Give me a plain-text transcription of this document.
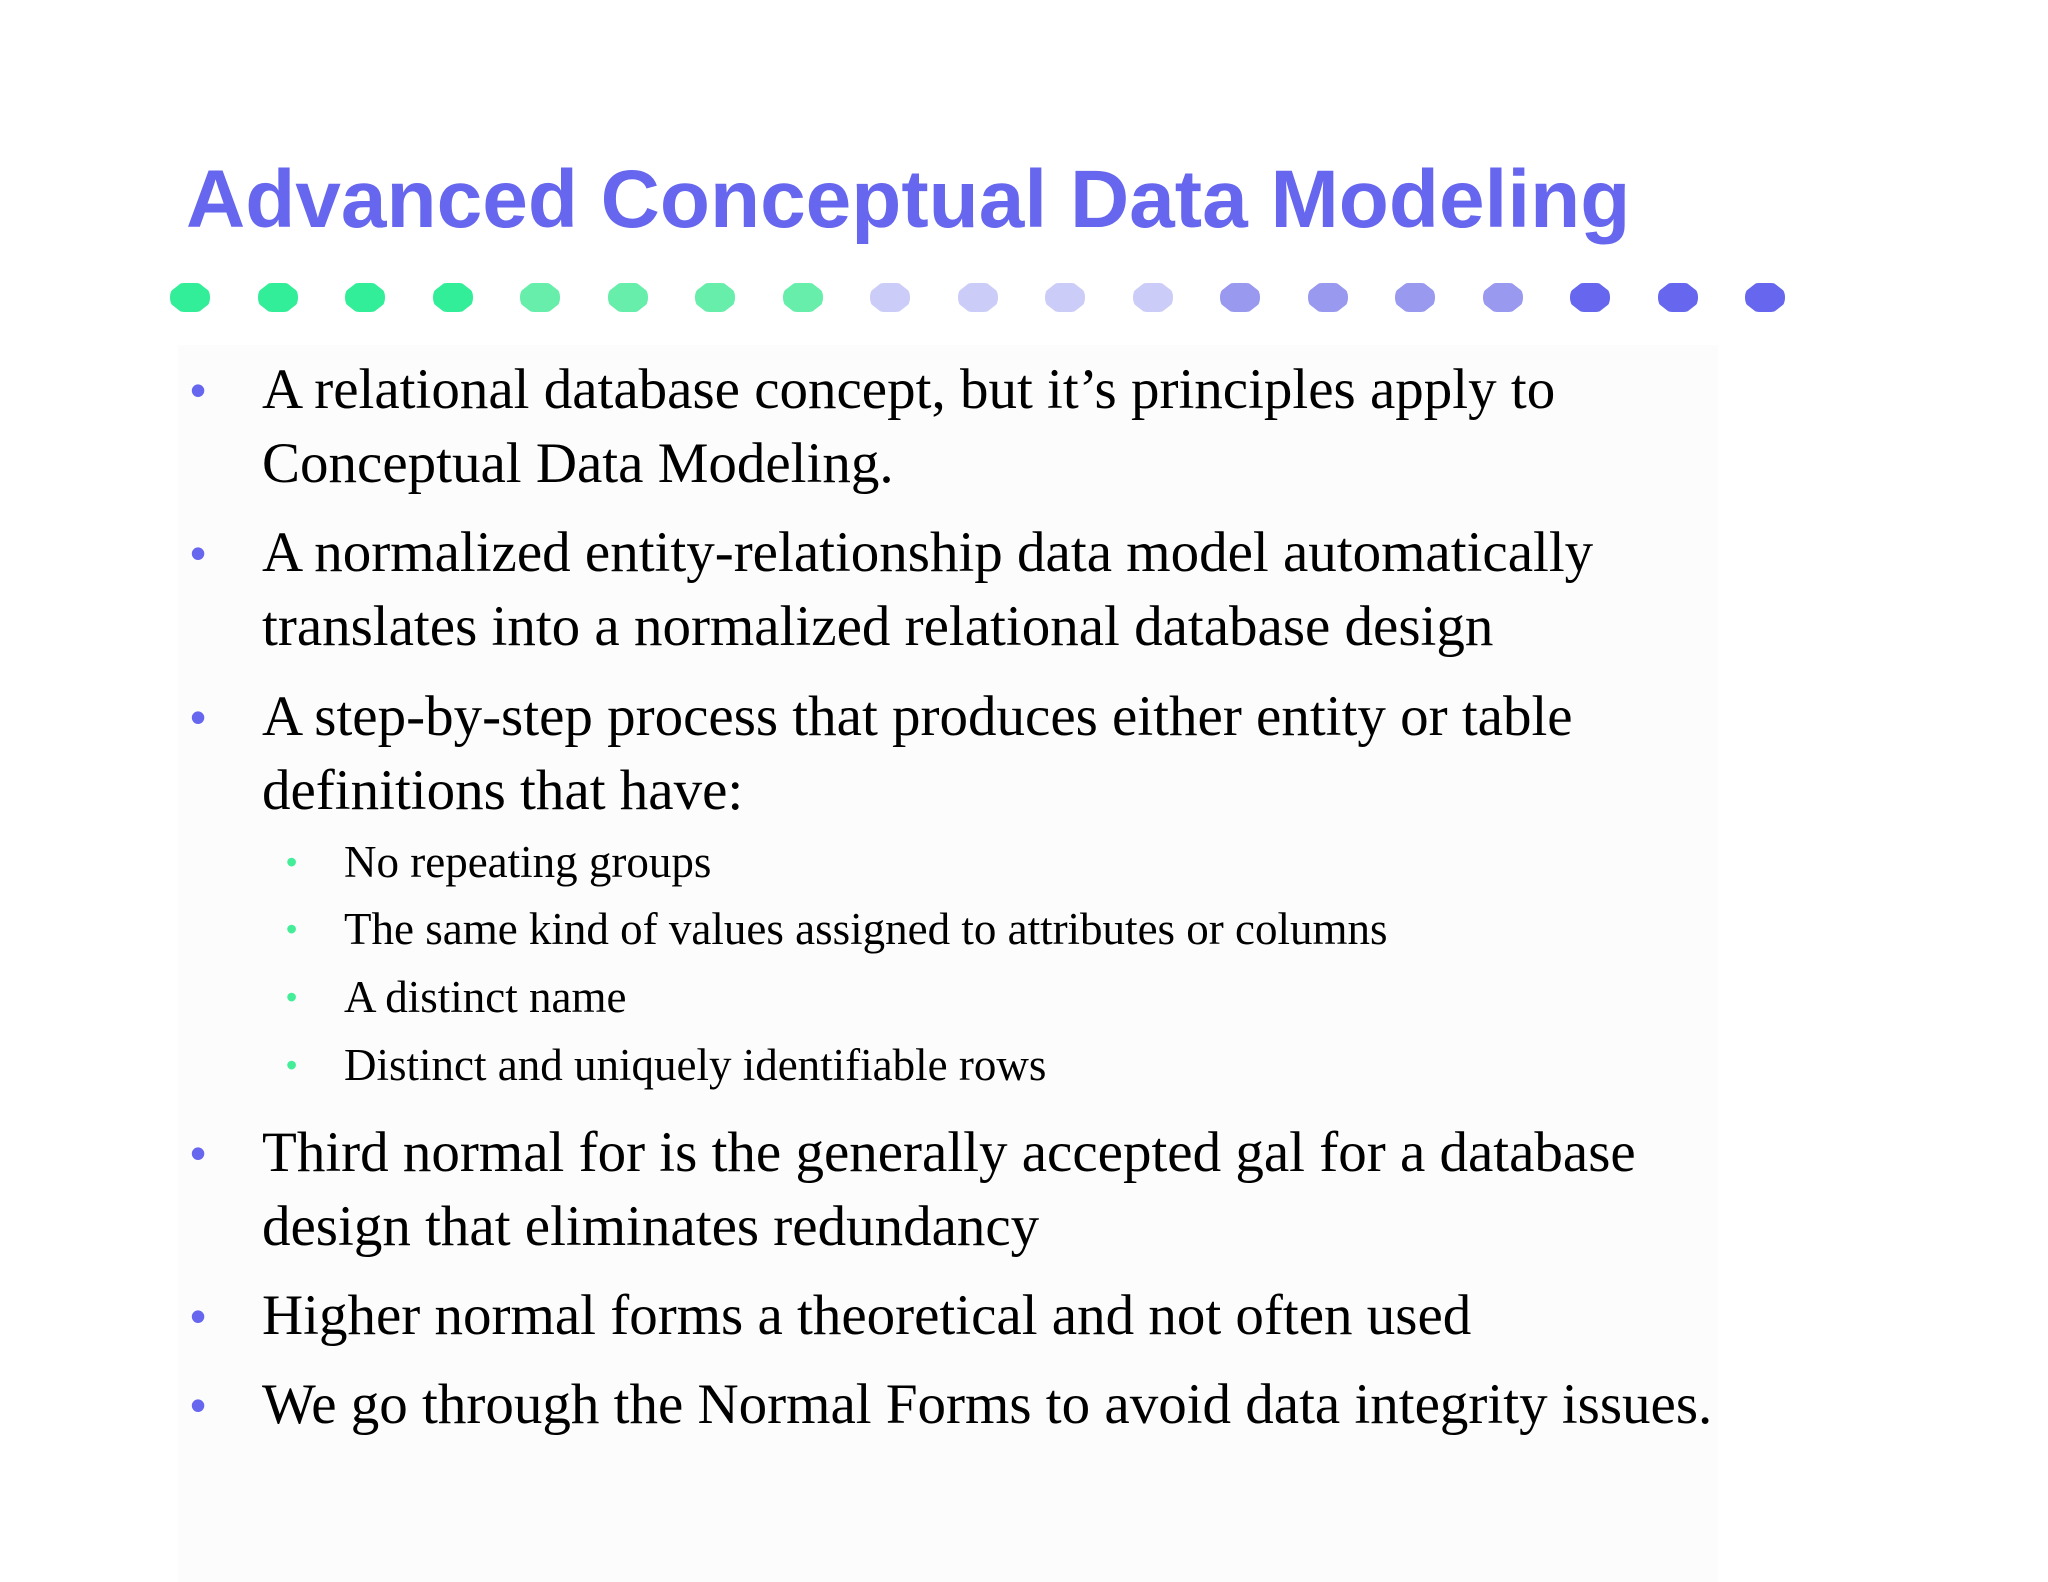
Advanced Conceptual Data Modeling
• A relational database concept, but it’s principles apply to Conceptual Data Modeling.
• A normalized entity-relationship data model automatically translates into a normalized relational database design
• A step-by-step process that produces either entity or table definitions that have:
• No repeating groups
• The same kind of values assigned to attributes or columns
• A distinct name
• Distinct and uniquely identifiable rows
• Third normal for is the generally accepted gal for a database design that eliminates redundancy
• Higher normal forms a theoretical and not often used
• We go through the Normal Forms to avoid data integrity issues.
